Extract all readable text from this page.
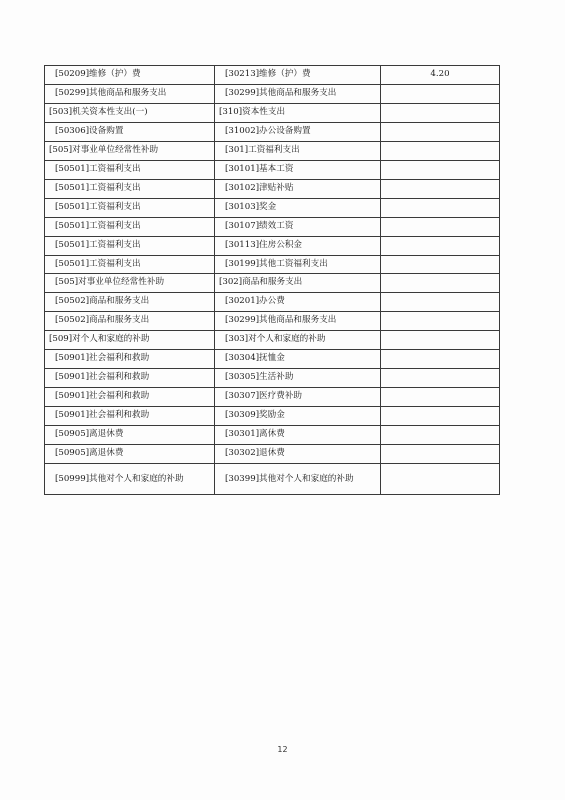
[50209]维修（护）费	[30213]维修（护）费	4.20
[50299]其他商品和服务支出	[30299]其他商品和服务支出	
[503]机关资本性支出(一)	[310]资本性支出	
[50306]设备购置	[31002]办公设备购置	
[505]对事业单位经常性补助	[301]工资福利支出	
[50501]工资福利支出	[30101]基本工资	
[50501]工资福利支出	[30102]津贴补贴	
[50501]工资福利支出	[30103]奖金	
[50501]工资福利支出	[30107]绩效工资	
[50501]工资福利支出	[30113]住房公积金	
[50501]工资福利支出	[30199]其他工资福利支出	
[505]对事业单位经常性补助	[302]商品和服务支出	
[50502]商品和服务支出	[30201]办公费	
[50502]商品和服务支出	[30299]其他商品和服务支出	
[509]对个人和家庭的补助	[303]对个人和家庭的补助	
[50901]社会福利和救助	[30304]抚恤金	
[50901]社会福利和救助	[30305]生活补助	
[50901]社会福利和救助	[30307]医疗费补助	
[50901]社会福利和救助	[30309]奖励金	
[50905]离退休费	[30301]离休费	
[50905]离退休费	[30302]退休费	
[50999]其他对个人和家庭的补助	[30399]其他对个人和家庭的补助	
12
